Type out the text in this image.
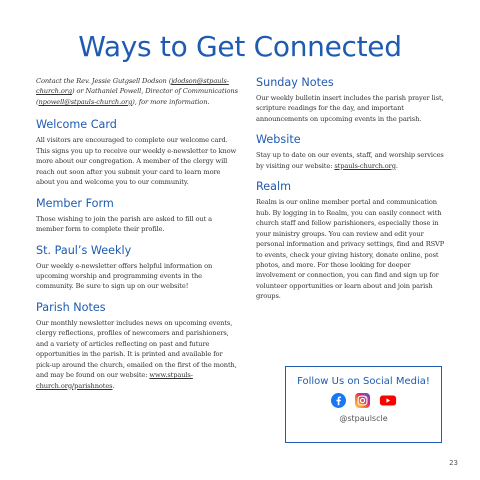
Ways to Get Connected

Contact the Rev. Jessie Gutgsell Dodson (jdodson@stpauls-church.org) or Nathaniel Powell, Director of Communications (npowell@stpauls-church.org), for more information.

Welcome Card

All visitors are encouraged to complete our welcome card. This signs you up to receive our weekly e-newsletter to know more about our congregation. A member of the clergy will reach out soon after you submit your card to learn more about you and welcome you to our community.

Member Form

Those wishing to join the parish are asked to fill out a member form to complete their profile.

St. Paul’s Weekly

Our weekly e-newsletter offers helpful information on upcoming worship and programming events in the community. Be sure to sign up on our website!

Parish Notes

Our monthly newsletter includes news on upcoming events, clergy reflections, profiles of newcomers and parishioners, and a variety of articles reflecting on past and future opportunities in the parish. It is printed and available for pick-up around the church, emailed on the first of the month, and may be found on our website: www.stpauls-church.org/parishnotes.

Sunday Notes

Our weekly bulletin insert includes the parish prayer list, scripture readings for the day, and important announcements on upcoming events in the parish.

Website

Stay up to date on our events, staff, and worship services by visiting our website: stpauls-church.org.

Realm

Realm is our online member portal and communication hub. By logging in to Realm, you can easily connect with church staff and fellow parishioners, especially those in your ministry groups. You can review and edit your personal information and privacy settings, find and RSVP to events, check your giving history, donate online, post photos, and more. For those looking for deeper involvement or connection, you can find and sign up for volunteer opportunities or learn about and join parish groups.

Follow Us on Social Media!
@stpaulscle
23
